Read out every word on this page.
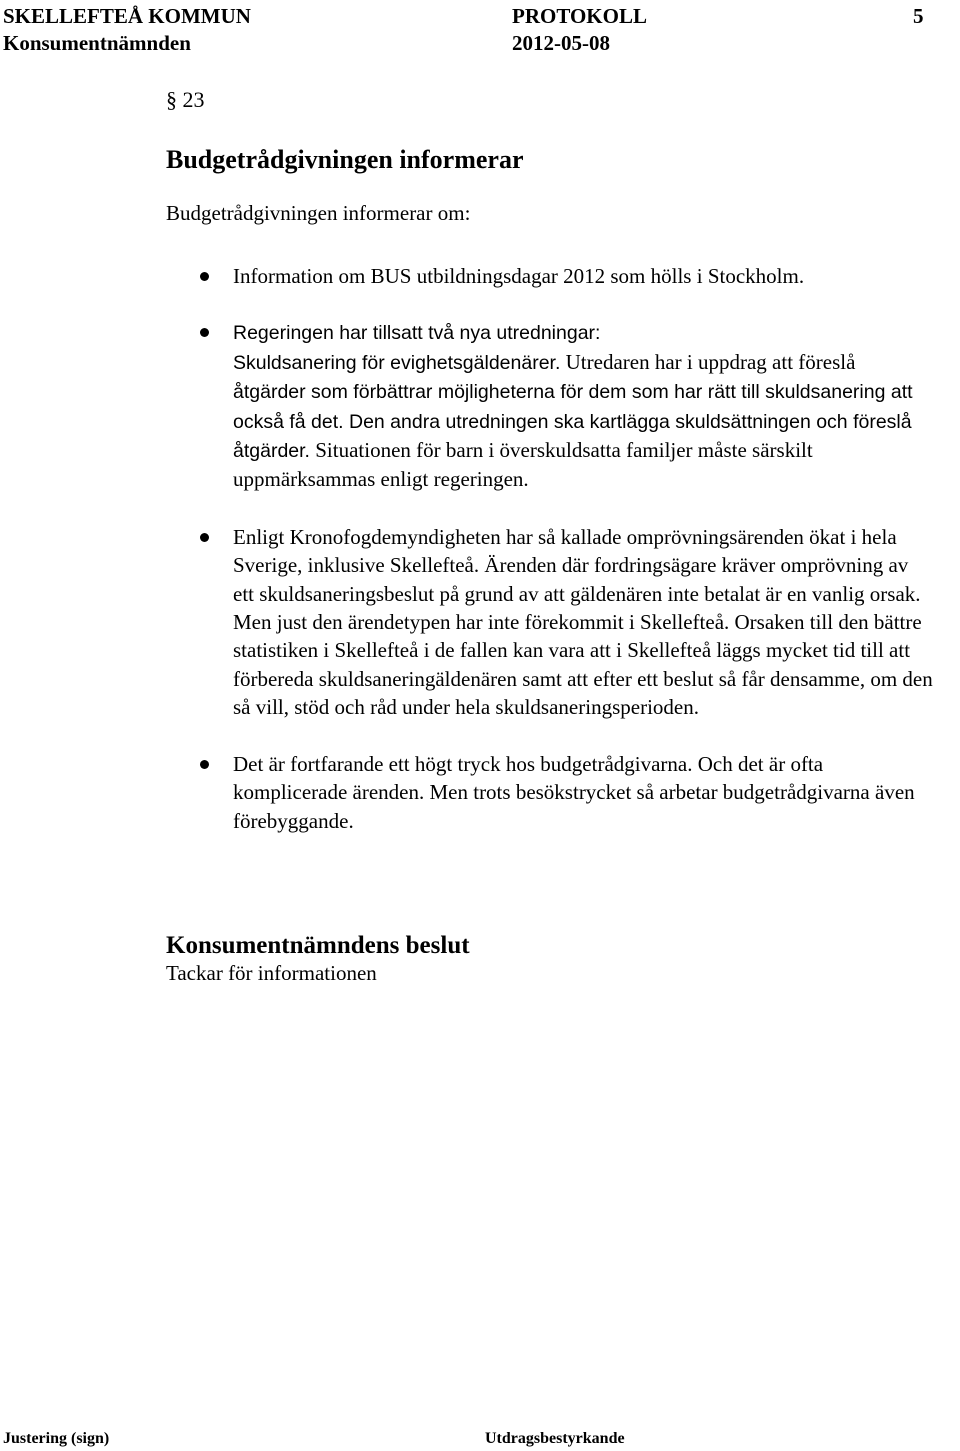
SKELLEFTEÅ KOMMUN	PROTOKOLL	5
Konsumentnämnden	2012-05-08
§ 23
Budgetrådgivningen informerar
Budgetrådgivningen informerar om:
Information om BUS utbildningsdagar 2012 som hölls i Stockholm.
Regeringen har tillsatt två nya utredningar:
Skuldsanering för evighetsgäldenärer. Utredaren har i uppdrag att föreslå åtgärder som förbättrar möjligheterna för dem som har rätt till skuldsanering att också få det. Den andra utredningen ska kartlägga skuldsättningen och föreslå åtgärder. Situationen för barn i överskuldsatta familjer måste särskilt uppmärksammas enligt regeringen.
Enligt Kronofogdemyndigheten har så kallade omprövningsärenden ökat i hela Sverige, inklusive Skellefteå. Ärenden där fordringsägare kräver omprövning av ett skuldsaneringsbeslut på grund av att gäldenären inte betalat är en vanlig orsak. Men just den ärendetypen har inte förekommit i Skellefteå. Orsaken till den bättre statistiken i Skellefteå i de fallen kan vara att i Skellefteå läggs mycket tid till att förbereda skuldsaneringäldenären samt att efter ett beslut så får densamme, om den så vill, stöd och råd under hela skuldsaneringsperioden.
Det är fortfarande ett högt tryck hos budgetrådgivarna. Och det är ofta komplicerade ärenden. Men trots besökstrycket så arbetar budgetrådgivarna även förebyggande.
Konsumentnämndens beslut
Tackar för informationen
Justering (sign)	Utdragsbestyrkande
